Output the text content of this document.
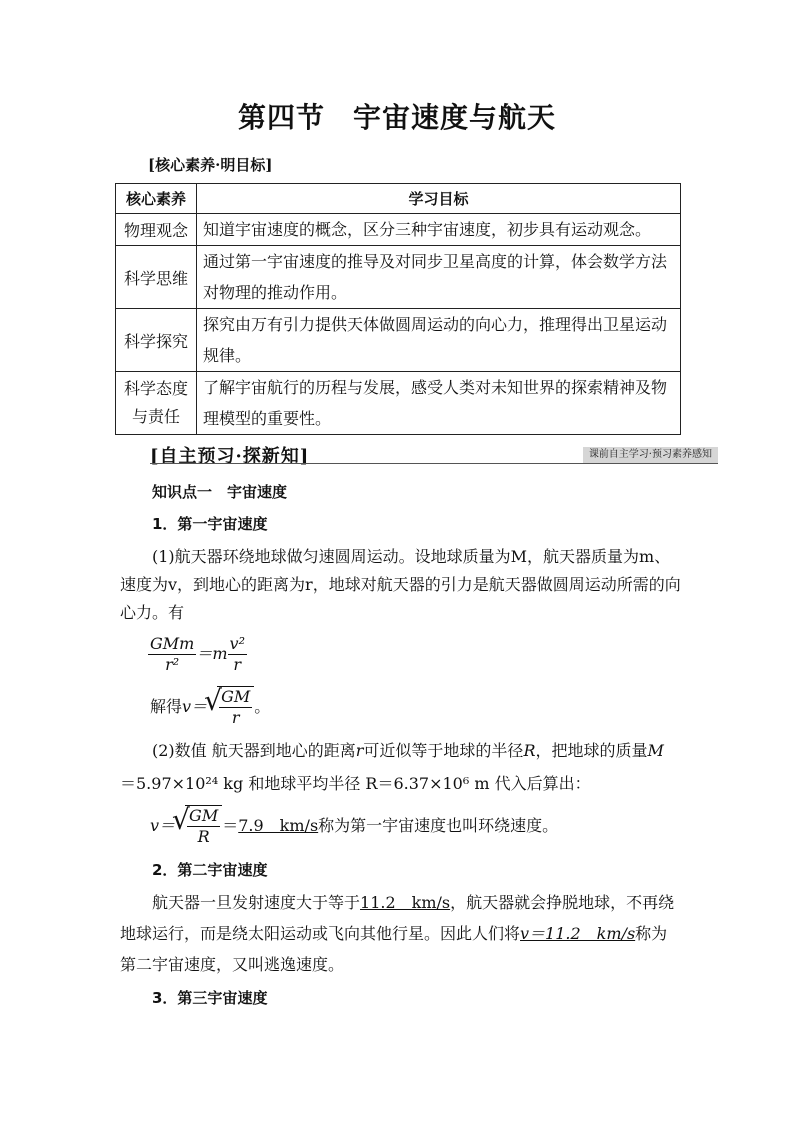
第四节 宇宙速度与航天
[核心素养·明目标]
核心素养	学习目标
物理观念	知道宇宙速度的概念，区分三种宇宙速度，初步具有运动观念。
科学思维	通过第一宇宙速度的推导及对同步卫星高度的计算，体会数学方法对物理的推动作用。
科学探究	探究由万有引力提供天体做圆周运动的向心力，推理得出卫星运动规律。
科学态度
与责任	了解宇宙航行的历程与发展，感受人类对未知世界的探索精神及物理模型的重要性。
[自主预习·探新知]	课前自主学习·预习素养感知
知识点一　宇宙速度
1．第一宇宙速度
(1)航天器环绕地球做匀速圆周运动。设地球质量为M，航天器质量为m、速度为v，到地心的距离为r，地球对航天器的引力是航天器做圆周运动所需的向心力。有
$\frac{\text{GMm}}{\text{r²}} =m \frac{\text{v²}}{r}$
解得v＝ √ $\frac{GM}{r}$ 。
(2)数值 航天器到地心的距离r可近似等于地球的半径R，把地球的质量M
＝5.97×10²⁴ kg 和地球平均半径 R＝6.37×10⁶ m 代入后算出：
v＝ √ $\frac{GM}{R} =7.9$　km/s称为第一宇宙速度也叫环绕速度。
2．第二宇宙速度
航天器一旦发射速度大于等于11.2　km/s，航天器就会挣脱地球，不再绕地球运行，而是绕太阳运动或飞向其他行星。因此人们将v＝11.2　km/s称为第二宇宙速度，又叫逃逸速度。
3．第三宇宙速度
